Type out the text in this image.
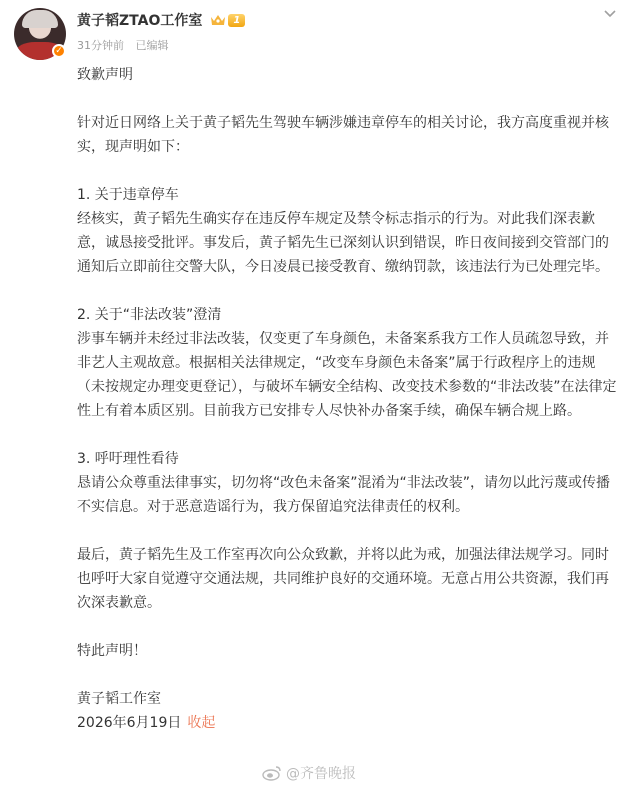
✓
黄子韬ZTAO工作室	1
31分钟前 已编辑

致歉声明

针对近日网络上关于黄子韬先生驾驶车辆涉嫌违章停车的相关讨论，我方高度重视并核实，现声明如下：

1. 关于违章停车
经核实，黄子韬先生确实存在违反停车规定及禁令标志指示的行为。对此我们深表歉意，诚恳接受批评。事发后，黄子韬先生已深刻认识到错误，昨日夜间接到交管部门的通知后立即前往交警大队，今日凌晨已接受教育、缴纳罚款，该违法行为已处理完毕。

2. 关于“非法改装”澄清
涉事车辆并未经过非法改装，仅变更了车身颜色，未备案系我方工作人员疏忽导致，并非艺人主观故意。根据相关法律规定，“改变车身颜色未备案”属于行政程序上的违规（未按规定办理变更登记），与破坏车辆安全结构、改变技术参数的“非法改装”在法律定性上有着本质区别。目前我方已安排专人尽快补办备案手续，确保车辆合规上路。

3. 呼吁理性看待
恳请公众尊重法律事实，切勿将“改色未备案”混淆为“非法改装”，请勿以此污蔑或传播不实信息。对于恶意造谣行为，我方保留追究法律责任的权利。

最后，黄子韬先生及工作室再次向公众致歉，并将以此为戒，加强法律法规学习。同时也呼吁大家自觉遵守交通法规，共同维护良好的交通环境。无意占用公共资源，我们再次深表歉意。

特此声明！

黄子韬工作室

2026年6月19日 收起

@齐鲁晚报
